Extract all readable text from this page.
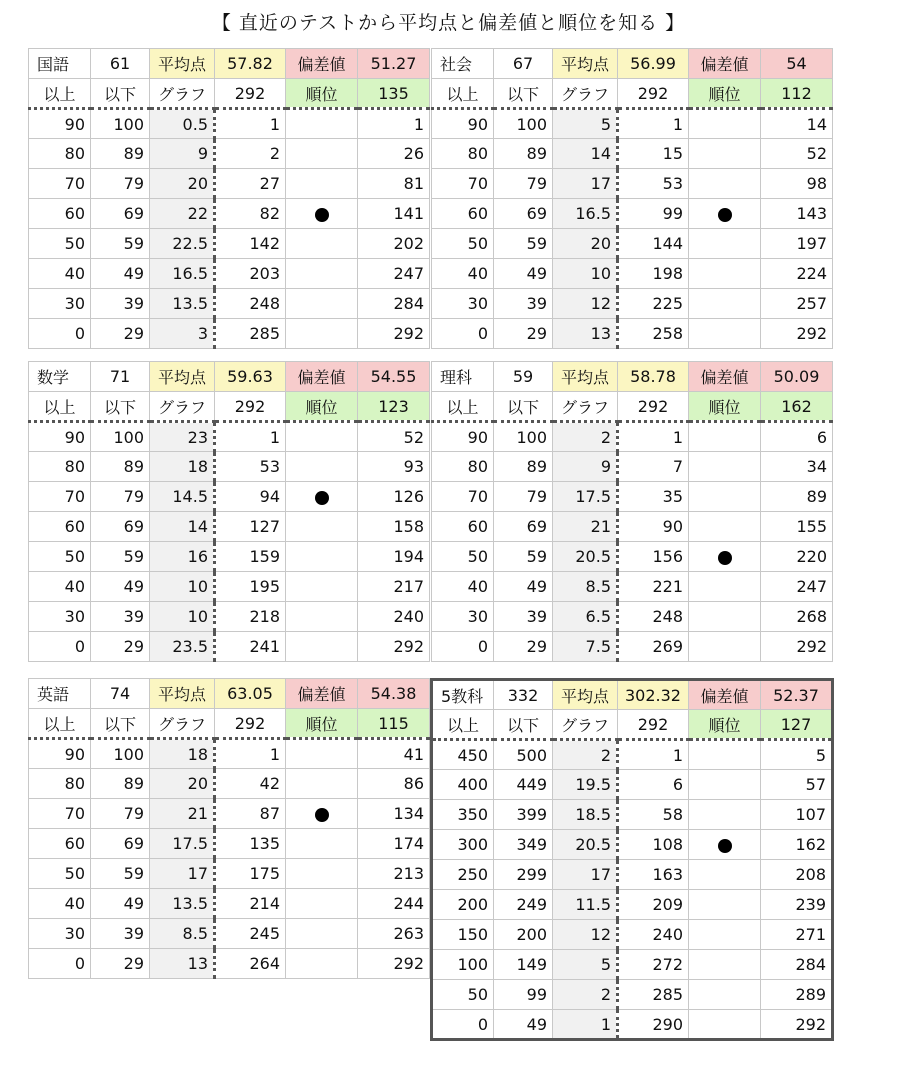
【 直近のテストから平均点と偏差値と順位を知る 】
国語	61	平均点	57.82	偏差値	51.27
以上	以下	グラフ	292	順位	135
90	100	0.5	1		1
80	89	9	2		26
70	79	20	27		81
60	69	22	82		141
50	59	22.5	142		202
40	49	16.5	203		247
30	39	13.5	248		284
0	29	3	285		292
社会	67	平均点	56.99	偏差値	54
以上	以下	グラフ	292	順位	112
90	100	5	1		14
80	89	14	15		52
70	79	17	53		98
60	69	16.5	99		143
50	59	20	144		197
40	49	10	198		224
30	39	12	225		257
0	29	13	258		292
数学	71	平均点	59.63	偏差値	54.55
以上	以下	グラフ	292	順位	123
90	100	23	1		52
80	89	18	53		93
70	79	14.5	94		126
60	69	14	127		158
50	59	16	159		194
40	49	10	195		217
30	39	10	218		240
0	29	23.5	241		292
理科	59	平均点	58.78	偏差値	50.09
以上	以下	グラフ	292	順位	162
90	100	2	1		6
80	89	9	7		34
70	79	17.5	35		89
60	69	21	90		155
50	59	20.5	156		220
40	49	8.5	221		247
30	39	6.5	248		268
0	29	7.5	269		292
英語	74	平均点	63.05	偏差値	54.38
以上	以下	グラフ	292	順位	115
90	100	18	1		41
80	89	20	42		86
70	79	21	87		134
60	69	17.5	135		174
50	59	17	175		213
40	49	13.5	214		244
30	39	8.5	245		263
0	29	13	264		292
5教科	332	平均点	302.32	偏差値	52.37
以上	以下	グラフ	292	順位	127
450	500	2	1		5
400	449	19.5	6		57
350	399	18.5	58		107
300	349	20.5	108		162
250	299	17	163		208
200	249	11.5	209		239
150	200	12	240		271
100	149	5	272		284
50	99	2	285		289
0	49	1	290		292
